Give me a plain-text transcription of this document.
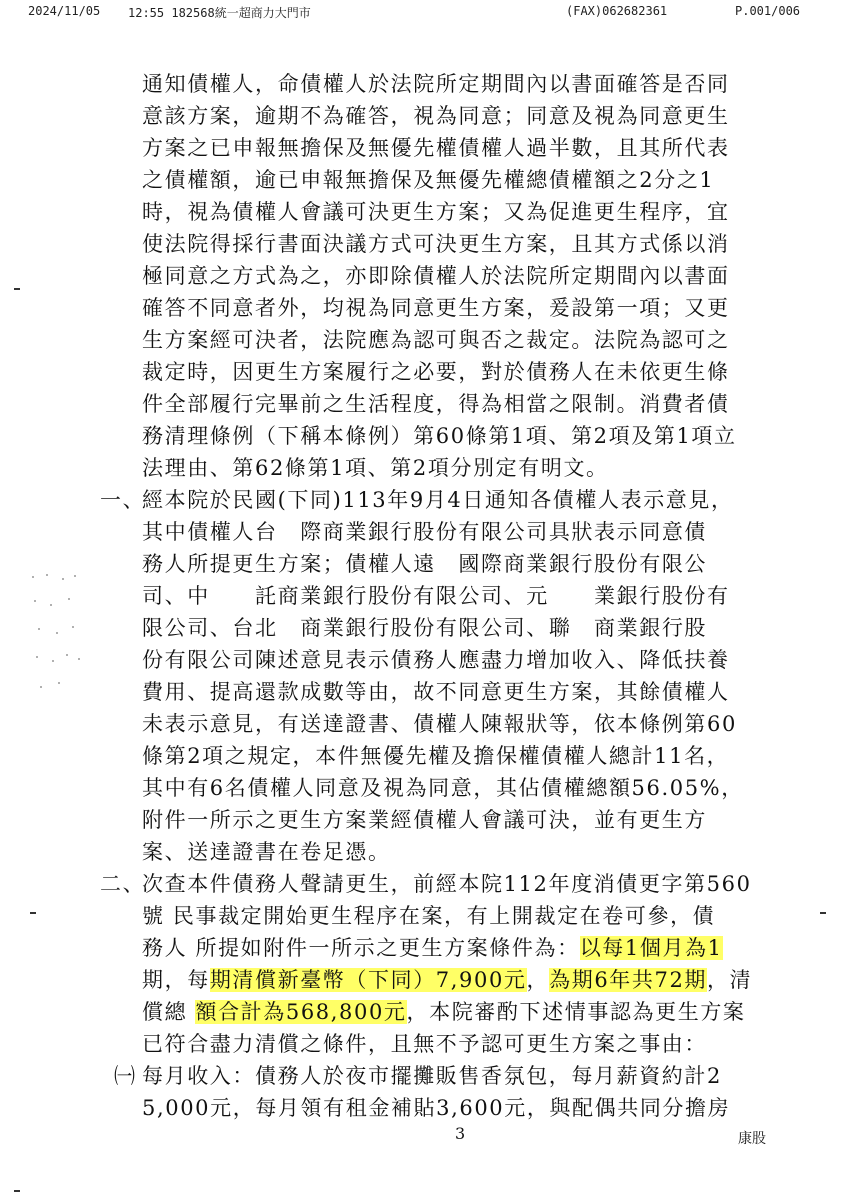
2024/11/05 12:55 182568統一超商力大門市	(FAX)062682361	P.001/006
通知債權人，命債權人於法院所定期間內以書面確答是否同
意該方案，逾期不為確答，視為同意；同意及視為同意更生
方案之已申報無擔保及無優先權債權人過半數，且其所代表
之債權額，逾已申報無擔保及無優先權總債權額之2分之1
時，視為債權人會議可決更生方案；又為促進更生程序，宜
使法院得採行書面決議方式可決更生方案，且其方式係以消
極同意之方式為之，亦即除債權人於法院所定期間內以書面
確答不同意者外，均視為同意更生方案，爰設第一項；又更
生方案經可決者，法院應為認可與否之裁定。法院為認可之
裁定時，因更生方案履行之必要，對於債務人在未依更生條
件全部履行完畢前之生活程度，得為相當之限制。消費者債
務清理條例（下稱本條例）第60條第1項、第2項及第1項立
法理由、第62條第1項、第2項分別定有明文。
一、
經本院於民國(下同)113年9月4日通知各債權人表示意見，
其中債權人台 際商業銀行股份有限公司具狀表示同意債
務人所提更生方案；債權人遠 國際商業銀行股份有限公
司、中 託商業銀行股份有限公司、元 業銀行股份有
限公司、台北 商業銀行股份有限公司、聯 商業銀行股
份有限公司陳述意見表示債務人應盡力增加收入、降低扶養
費用、提高還款成數等由，故不同意更生方案，其餘債權人
未表示意見，有送達證書、債權人陳報狀等，依本條例第60
條第2項之規定，本件無優先權及擔保權債權人總計11名，
其中有6名債權人同意及視為同意，其佔債權總額56.05%，
附件一所示之更生方案業經債權人會議可決，並有更生方
案、送達證書在卷足憑。
二、
次查本件債務人聲請更生，前經本院112年度消債更字第560
號 民事裁定開始更生程序在案，有上開裁定在卷可參，債
務人 所提如附件一所示之更生方案條件為：以每1個月為1
期，每期清償新臺幣（下同）7,900元，為期6年共72期，清
償總 額合計為568,800元，本院審酌下述情事認為更生方案
已符合盡力清償之條件，且無不予認可更生方案之事由：
㈠ 每月收入：債務人於夜市擺攤販售香氛包，每月薪資約計2
5,000元，每月領有租金補貼3,600元，與配偶共同分擔房
3	康股
